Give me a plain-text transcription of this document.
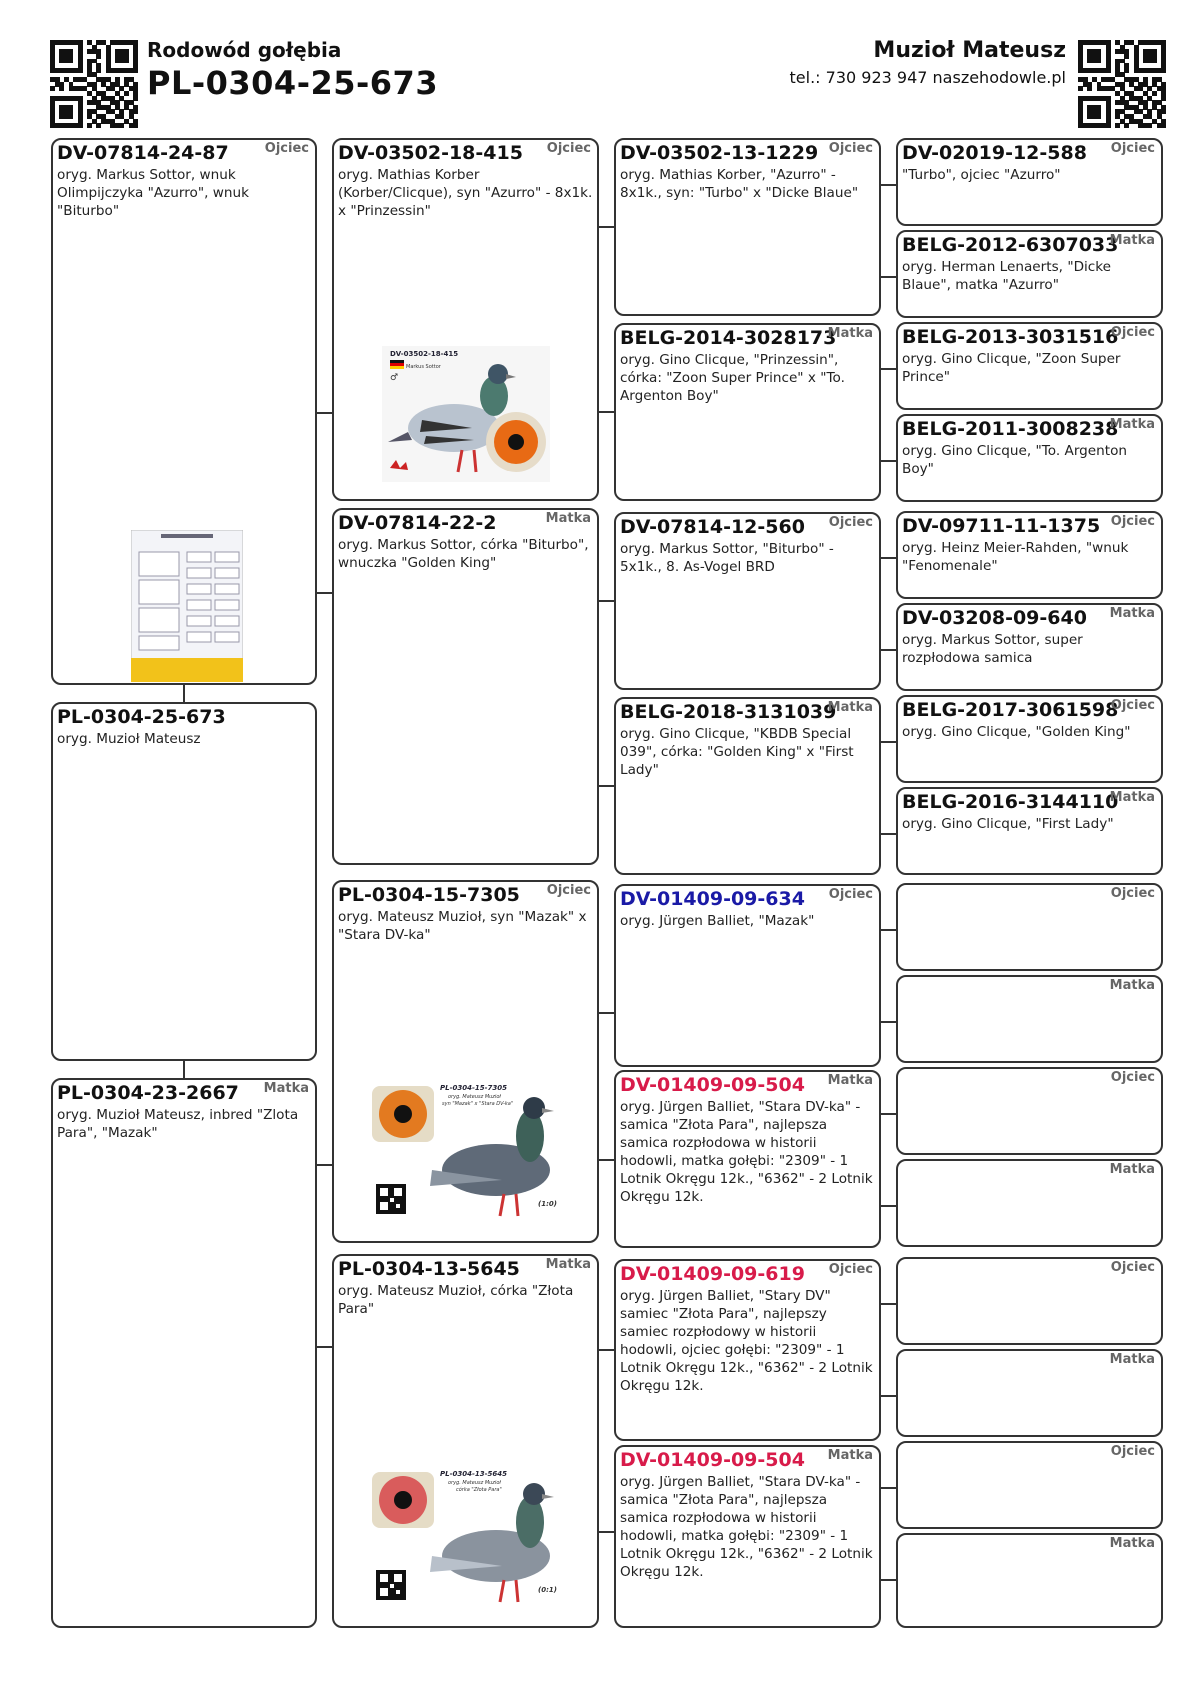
Rodowód gołębia
PL-0304-25-673
Muzioł Mateusz
tel.: 730 923 947 naszehodowle.pl
DV-07814-24-87	Ojciec
oryg. Markus Sottor, wnuk Olimpijczyka "Azurro", wnuk "Biturbo"
PL-0304-25-673
oryg. Muzioł Mateusz
PL-0304-23-2667 Matka
oryg. Muzioł Mateusz, inbred "Zlota Para", "Mazak"
DV-03502-18-415 Ojciec
oryg. Mathias Korber (Korber/Clicque), syn "Azurro" - 8x1k. x "Prinzessin"
DV-03502-18-415
Markus Sottor
♂
DV-07814-22-2	Matka
oryg. Markus Sottor, córka "Biturbo", wnuczka "Golden King"
PL-0304-15-7305 Ojciec
oryg. Mateusz Muzioł, syn "Mazak" x "Stara DV-ka"
PL-0304-15-7305
oryg. Mateusz Muzioł
syn "Mazak" x "Stara DV-ka"
(1:0)
PL-0304-13-5645 Matka
oryg. Mateusz Muzioł, córka "Złota Para"
PL-0304-13-5645
oryg. Mateusz Muzioł
córka "Złota Para"
(0:1)
DV-03502-13-1229 Ojciec
oryg. Mathias Korber, "Azurro" - 8x1k., syn: "Turbo" x "Dicke Blaue"
BELG-2014-3028173
Matka
oryg. Gino Clicque, "Prinzessin", córka: "Zoon Super Prince" x "To. Argenton Boy"
DV-07814-12-560 Ojciec
oryg. Markus Sottor, "Biturbo" - 5x1k., 8. As-Vogel BRD
BELG-2018-3131039
Matka
oryg. Gino Clicque, "KBDB Special 039", córka: "Golden King" x "First Lady"
DV-01409-09-634 Ojciec
oryg. Jürgen Balliet, "Mazak"
DV-01409-09-504 Matka
oryg. Jürgen Balliet, "Stara DV-ka" - samica "Złota Para", najlepsza samica rozpłodowa w historii hodowli, matka gołębi: "2309" - 1 Lotnik Okręgu 12k., "6362" - 2 Lotnik Okręgu 12k.
DV-01409-09-619 Ojciec
oryg. Jürgen Balliet, "Stary DV" samiec "Złota Para", najlepszy samiec rozpłodowy w historii hodowli, ojciec gołębi: "2309" - 1 Lotnik Okręgu 12k., "6362" - 2 Lotnik Okręgu 12k.
DV-01409-09-504 Matka
oryg. Jürgen Balliet, "Stara DV-ka" - samica "Złota Para", najlepsza samica rozpłodowa w historii hodowli, matka gołębi: "2309" - 1 Lotnik Okręgu 12k., "6362" - 2 Lotnik Okręgu 12k.
DV-02019-12-588 Ojciec
"Turbo", ojciec "Azurro"
BELG-2012-6307033
Matka
oryg. Herman Lenaerts, "Dicke Blaue", matka "Azurro"
BELG-2013-3031516
Ojciec
oryg. Gino Clicque, "Zoon Super Prince"
BELG-2011-3008238
Matka
oryg. Gino Clicque, "To. Argenton Boy"
DV-09711-11-1375 Ojciec
oryg. Heinz Meier-Rahden, "wnuk "Fenomenale"
DV-03208-09-640 Matka
oryg. Markus Sottor, super rozpłodowa samica
BELG-2017-3061598
Ojciec
oryg. Gino Clicque, "Golden King"
BELG-2016-3144110
Matka
oryg. Gino Clicque, "First Lady"
Ojciec
Matka
Ojciec
Matka
Ojciec
Matka
Ojciec
Matka
